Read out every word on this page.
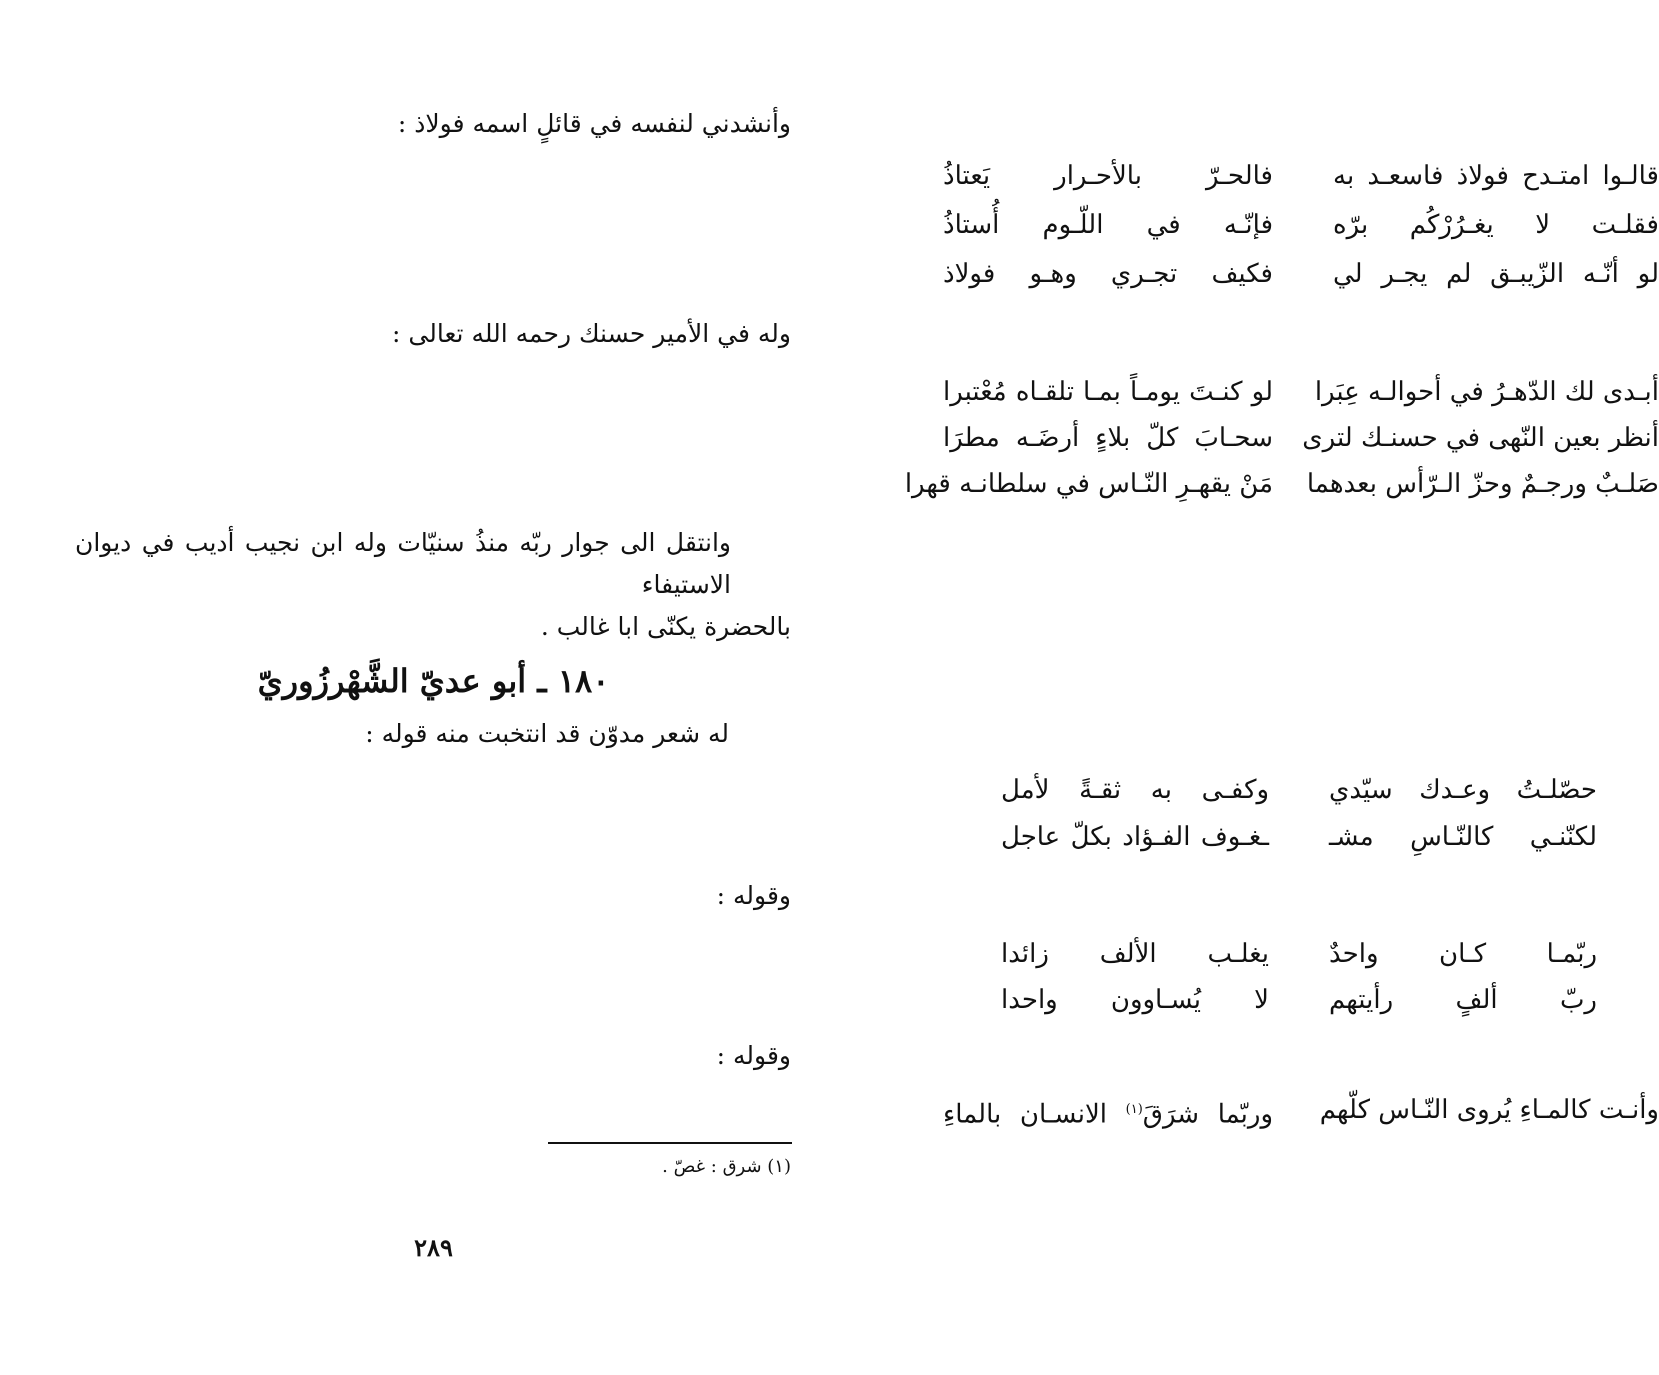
وأنشدني لنفسه في قائلٍ اسمه فولاذ :
قالـوا امتـدح فولاذ فاسعـد به
فالحـرّ بالأحـرار يَعتاذُ
فقلـت لا يغـرُرْكُم برّه
فإنّـه في اللّـوم أُستاذُ
لو أنّـه الزّيبـق لم يجـر لي
فكيف تجـري وهـو فولاذ
وله في الأمير حسنك رحمه الله تعالى :
أبـدى لك الدّهـرُ في أحوالـه عِبَرا
لو كنـتَ يومـاً بمـا تلقـاه مُعْتبرا
أنظر بعين النّهى في حسنـك لترى
سحـابَ كلّ بلاءٍ أرضَـه مطرَا
صَلـبٌ ورجـمٌ وحزّ الـرّأس بعدهما
مَنْ يقهـرِ النّـاس في سلطانـه قهرا
وانتقل الى جوار ربّه منذُ سنيّات وله ابن نجيب أديب في ديوان الاستيفاء
بالحضرة يكنّى ابا غالب .
١٨٠ ـ أبو عديّ الشَّهْرزُوريّ
له شعر مدوّن قد انتخبت منه قوله :
حصّلـتُ وعـدك سيّدي
وكفـى به ثقـةً لأمل
لكنّنـي كالنّـاسِ مشـ
ـغـوف الفـؤاد بكلّ عاجل
وقوله :
ربّمـا كـان واحدٌ
يغلـب الألف زائدا
ربّ ألفٍ رأيتهم
لا يُسـاوون واحدا
وقوله :
وأنـت كالمـاءِ يُروى النّـاس كلّهم
وربّما شرَقَ$^{(١)}$ الانسـان بالماءِ
(١) شرق : غصّ .
٢٨٩
